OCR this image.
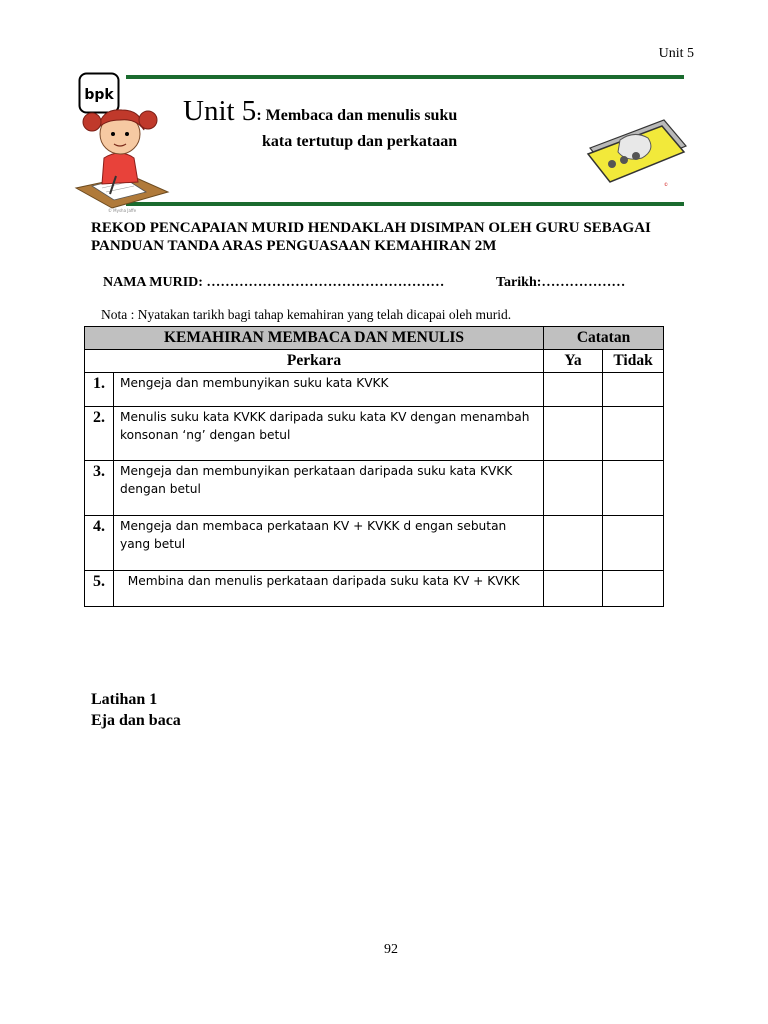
Unit 5
bpk
© Mysha Jaffe
©
Unit 5: Membaca dan menulis suku
kata tertutup dan perkataan
REKOD PENCAPAIAN MURID HENDAKLAH DISIMPAN OLEH GURU SEBAGAI
PANDUAN TANDA ARAS PENGUASAAN KEMAHIRAN 2M
NAMA MURID: ……………………………………………	Tarikh:………………
Nota : Nyatakan tarikh bagi tahap kemahiran yang telah dicapai oleh murid.
KEMAHIRAN MEMBACA DAN MENULIS		Catatan	
Perkara		Ya	Tidak
1.	Mengeja dan membunyikan suku kata KVKK		
2.	Menulis suku kata KVKK daripada suku kata KV dengan menambah konsonan ‘ng’ dengan betul		
3.	Mengeja dan membunyikan perkataan daripada suku kata KVKK dengan betul		
4.	Mengeja dan membaca perkataan KV + KVKK d engan sebutan yang betul		
5.	Membina dan menulis perkataan daripada suku kata KV + KVKK		
Latihan 1
Eja dan baca
92
